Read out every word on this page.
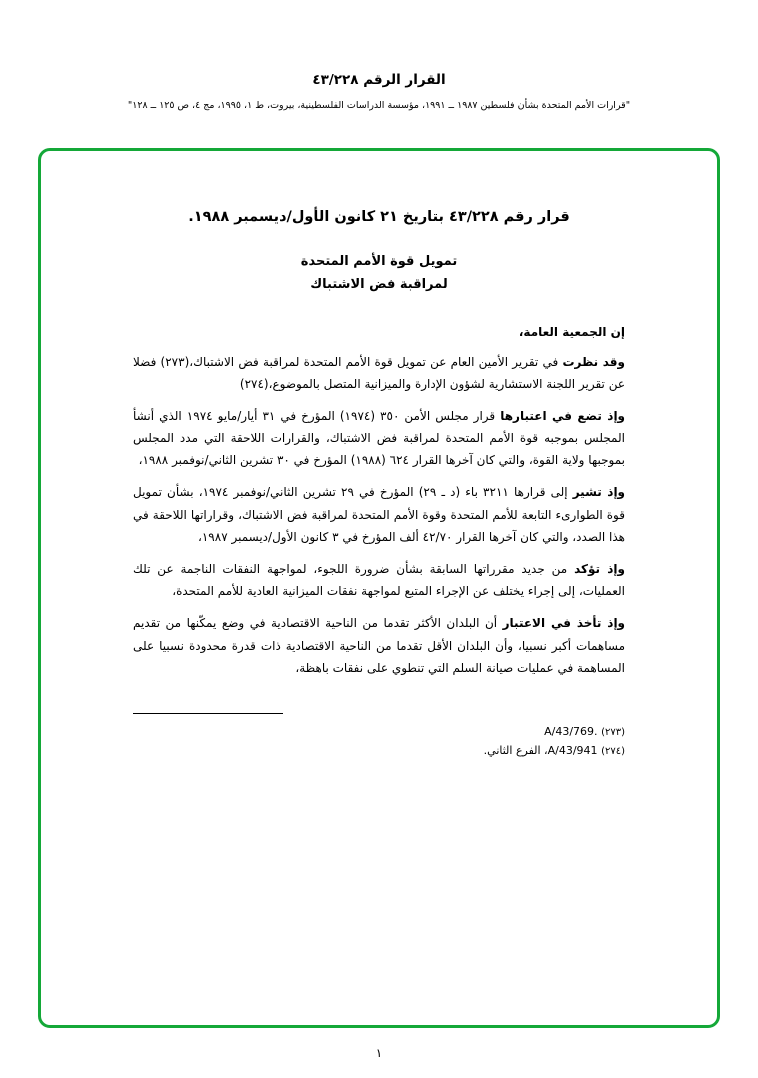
القرار الرقم ٤٣/٢٢٨
"قرارات الأمم المتحدة بشأن فلسطين ١٩٨٧ ــ ١٩٩١، مؤسسة الدراسات الفلسطينية، بيروت، ط ١، ١٩٩٥، مج ٤، ص ١٢٥ ــ ١٢٨"
قرار رقم ٤٣/٢٢٨ بتاريخ ٢١ كانون الأول/ديسمبر ١٩٨٨.
تمويل قوة الأمم المتحدة
لمراقبة فض الاشتباك
إن الجمعية العامة،

وقد نظرت في تقرير الأمين العام عن تمويل قوة الأمم المتحدة لمراقبة فض الاشتباك،(٢٧٣) فضلا عن تقرير اللجنة الاستشارية لشؤون الإدارة والميزانية المتصل بالموضوع،(٢٧٤)

وإذ تضع في اعتبارها قرار مجلس الأمن ٣٥٠ (١٩٧٤) المؤرخ في ٣١ أيار/مايو ١٩٧٤ الذي أنشأ المجلس بموجبه قوة الأمم المتحدة لمراقبة فض الاشتباك، والقرارات اللاحقة التي مدد المجلس بموجبها ولاية القوة، والتي كان آخرها القرار ٦٢٤ (١٩٨٨) المؤرخ في ٣٠ تشرين الثاني/نوفمبر ١٩٨٨،

وإذ تشير إلى قرارها ٣٢١١ باء (د ـ ٢٩) المؤرخ في ٢٩ تشرين الثاني/نوفمبر ١٩٧٤، بشأن تمويل قوة الطوارىء التابعة للأمم المتحدة وقوة الأمم المتحدة لمراقبة فض الاشتباك، وقراراتها اللاحقة في هذا الصدد، والتي كان آخرها القرار ٤٢/٧٠ ألف المؤرخ في ٣ كانون الأول/ديسمبر ١٩٨٧،

وإذ تؤكد من جديد مقرراتها السابقة بشأن ضرورة اللجوء، لمواجهة النفقات الناجمة عن تلك العمليات، إلى إجراء يختلف عن الإجراء المتبع لمواجهة نفقات الميزانية العادية للأمم المتحدة،

وإذ تأخذ في الاعتبار أن البلدان الأكثر تقدما من الناحية الاقتصادية في وضع يمكّنها من تقديم مساهمات أكبر نسبيا، وأن البلدان الأقل تقدما من الناحية الاقتصادية ذات قدرة محدودة نسبيا على المساهمة في عمليات صيانة السلم التي تنطوي على نفقات باهظة،

(٢٧٣) A/43/769.
(٢٧٤) A/43/941، الفرع الثاني.
١
